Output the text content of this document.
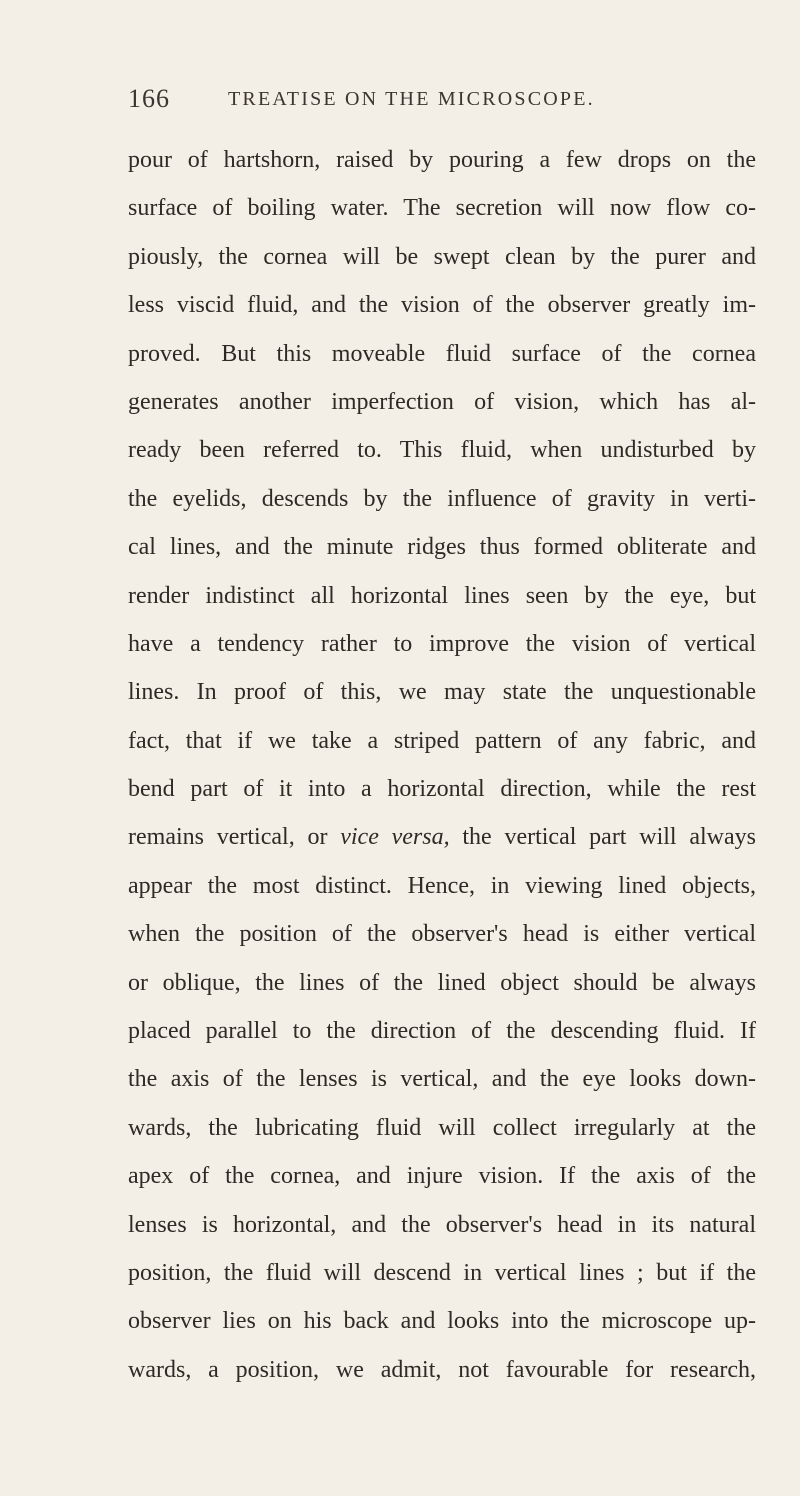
166	TREATISE ON THE MICROSCOPE.
pour of hartshorn, raised by pouring a few drops on the
surface of boiling water. The secretion will now flow co-
piously, the cornea will be swept clean by the purer and
less viscid fluid, and the vision of the observer greatly im-
proved. But this moveable fluid surface of the cornea
generates another imperfection of vision, which has al-
ready been referred to. This fluid, when undisturbed by
the eyelids, descends by the influence of gravity in verti-
cal lines, and the minute ridges thus formed obliterate and
render indistinct all horizontal lines seen by the eye, but
have a tendency rather to improve the vision of vertical
lines. In proof of this, we may state the unquestionable
fact, that if we take a striped pattern of any fabric, and
bend part of it into a horizontal direction, while the rest
remains vertical, or vice versa, the vertical part will always
appear the most distinct. Hence, in viewing lined objects,
when the position of the observer's head is either vertical
or oblique, the lines of the lined object should be always
placed parallel to the direction of the descending fluid. If
the axis of the lenses is vertical, and the eye looks down-
wards, the lubricating fluid will collect irregularly at the
apex of the cornea, and injure vision. If the axis of the
lenses is horizontal, and the observer's head in its natural
position, the fluid will descend in vertical lines ; but if the
observer lies on his back and looks into the microscope up-
wards, a position, we admit, not favourable for research,
